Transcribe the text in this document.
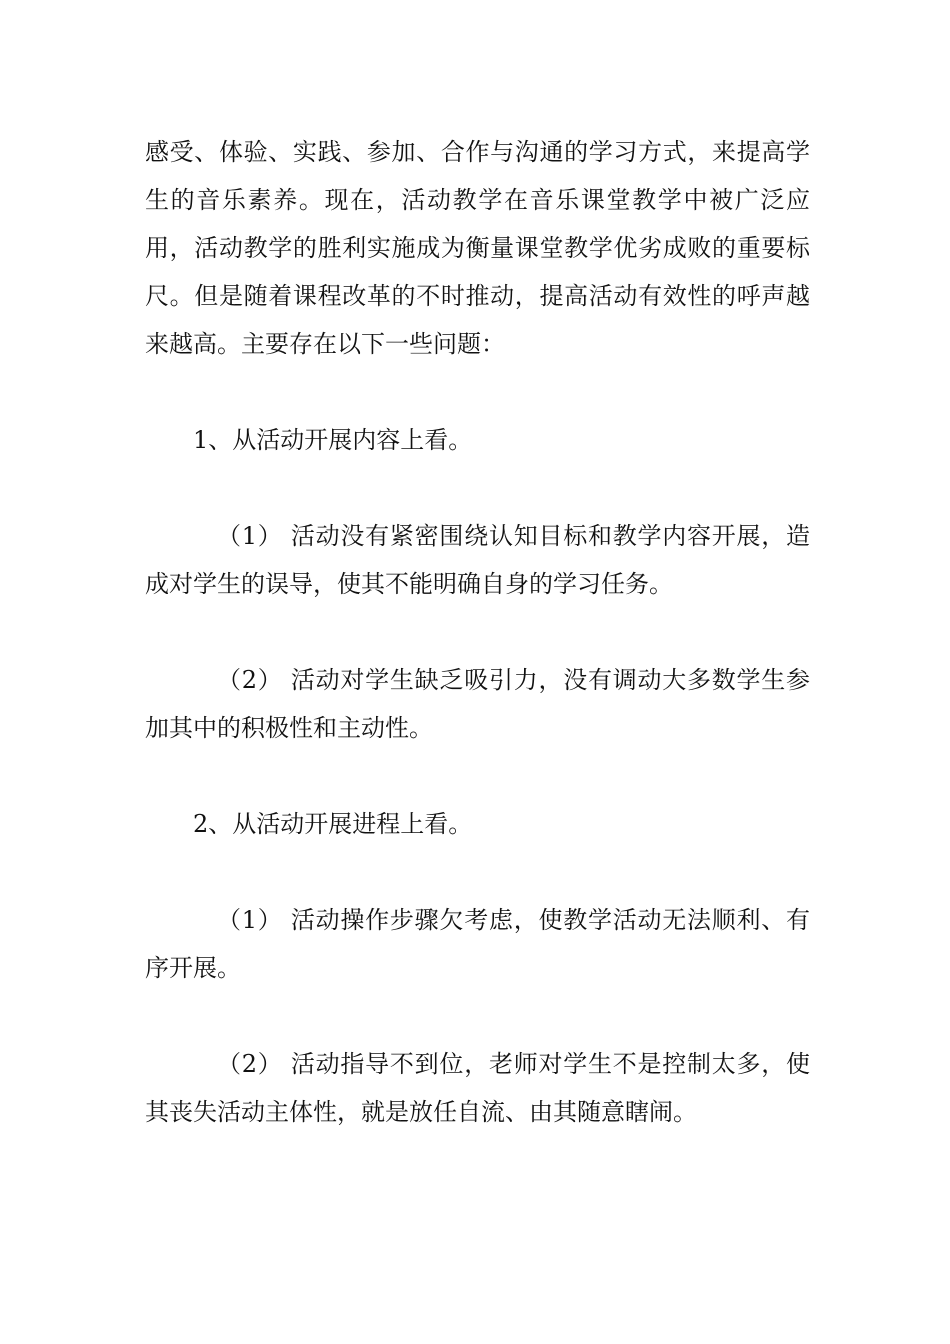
感受、体验、实践、参加、合作与沟通的学习方式，来提高学生的音乐素养。现在，活动教学在音乐课堂教学中被广泛应用，活动教学的胜利实施成为衡量课堂教学优劣成败的重要标尺。但是随着课程改革的不时推动，提高活动有效性的呼声越来越高。主要存在以下一些问题：

1、从活动开展内容上看。

（1） 活动没有紧密围绕认知目标和教学内容开展，造成对学生的误导，使其不能明确自身的学习任务。

（2） 活动对学生缺乏吸引力，没有调动大多数学生参加其中的积极性和主动性。

2、从活动开展进程上看。

（1） 活动操作步骤欠考虑，使教学活动无法顺利、有序开展。

（2） 活动指导不到位，老师对学生不是控制太多，使其丧失活动主体性，就是放任自流、由其随意瞎闹。
